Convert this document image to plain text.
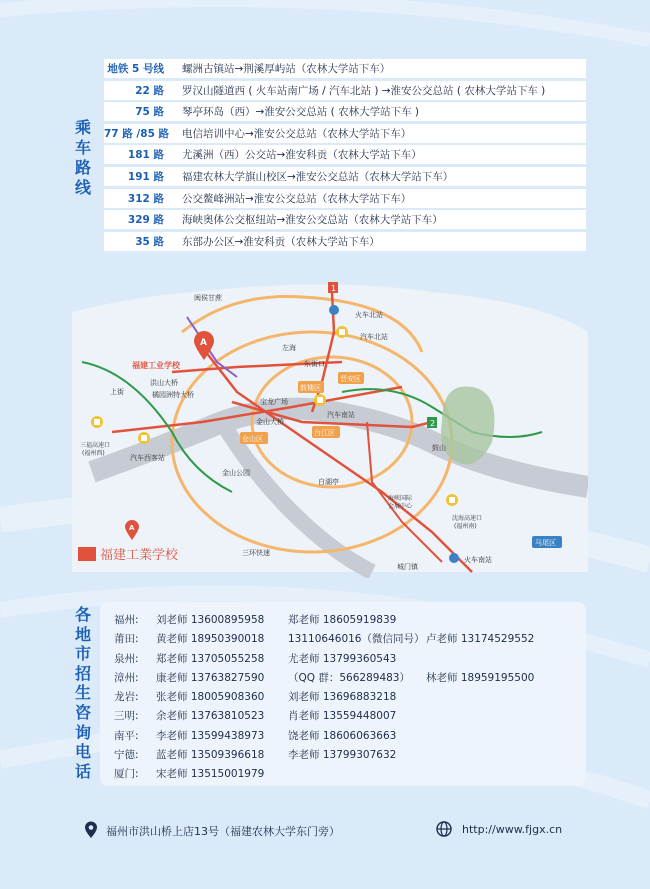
乘
车
路
线
地铁 5 号线	螺洲古镇站→荆溪厚屿站（农林大学站下车）
22 路	罗汉山隧道西 ( 火车站南广场 / 汽车北站 ) →淮安公交总站 ( 农林大学站下车 )
75 路	琴亭环岛（西）→淮安公交总站 ( 农林大学站下车 )
77 路 /85 路	电信培训中心→淮安公交总站（农林大学站下车）
181 路	尤溪洲（西）公交站→淮安科贡（农林大学站下车）
191 路	福建农林大学旗山校区→淮安公交总站（农林大学站下车）
312 路	公交鳌峰洲站→淮安公交总站（农林大学站下车）
329 路	海峡奥体公交枢纽站→淮安公交总站（农林大学站下车）
35 路	东部办公区→淮安科贡（农林大学站下车）
闽侯甘蔗
火车北站
汽车北站
左海
东街口
福建工业学校
洪山大桥
上街	橘园洲特大桥
宝龙广场
金山大桥
汽车南站
鼓山
三福高速口
(福州西)
汽车西客站
金山公园
白湖亭
海峡国际
会展中心
沈海高速口
(福州南)
三环快速
城门镇
火车南站
鼓楼区
晋安区
仓山区
台江区
马尾区
1
2
A
A
福建工業学校
各
地
市
招
生
咨
询
电
话
福州: 刘老师 13600895958 郑老师 18605919839
莆田: 黄老师 18950390018 13110646016（微信同号） 卢老师 13174529552
泉州: 郑老师 13705055258 尤老师 13799360543
漳州: 康老师 13763827590 （QQ 群：566289483） 林老师 18959195500
龙岩: 张老师 18005908360 刘老师 13696883218
三明: 余老师 13763810523 肖老师 13559448007
南平: 李老师 13599438973 饶老师 18606063663
宁德: 蓝老师 13509396618 李老师 13799307632
厦门: 宋老师 13515001979
福州市洪山桥上店13号（福建农林大学东门旁）	http://www.fjgx.cn
